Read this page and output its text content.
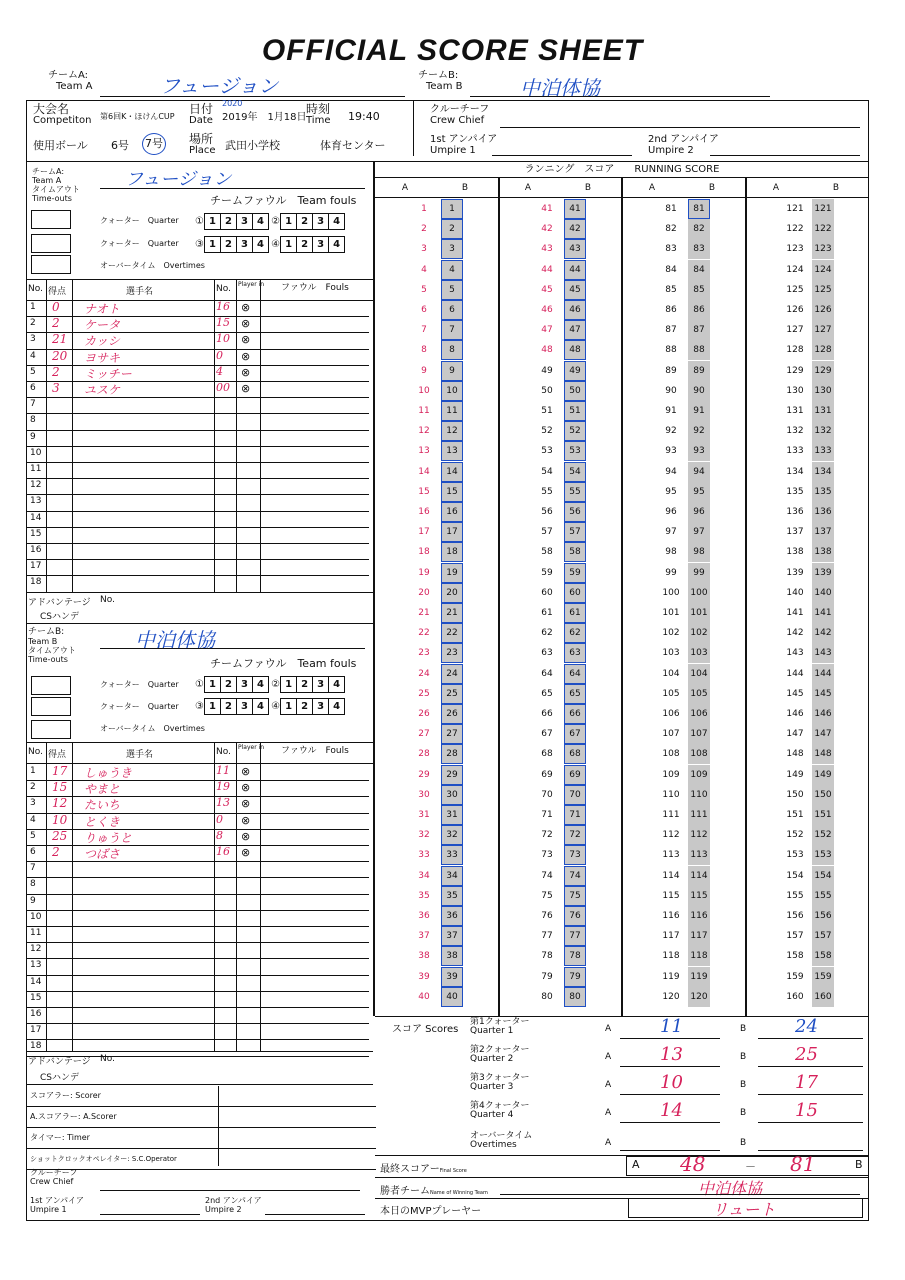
OFFICIAL SCORE SHEET
チームA:
Team A	フュージョン	チームB:
Team B	中泊体協
大会名
Competiton 第6回K・ほけんCUP
日付
Date
2020
2019年　1月18日
時刻
Time 19:40
クルーチーフ
Crew Chief
使用ボール 6号 7号 場所
Place 武田小学校	体育センター	1st アンパイア
Umpire 1
2nd アンパイア
Umpire 2
チームA:
Team A
タイムアウト
Time-outs
フュージョン
チームファウル　Team fouls
クォーター　Quarter ① 1 2 3 4 ② 1 2 3 4
クォーター　Quarter ③ 1 2 3 4 ④ 1 2 3 4
オーバータイム　Overtimes
No. 得点	選手名	No. Player in ファウル　Fouls
1 0 ナオト	16 ⊗
2 2 ケータ	15 ⊗
3 21 カッシ	10 ⊗
4 20 ヨサキ	0 ⊗
5 2 ミッチー	4 ⊗
6 3 ユスケ	00 ⊗
7
8
9
10
11
12
13
14
15
16
17
18
アドバンテージ No.
CSハンデ
チームB:
Team B
タイムアウト
Time-outs
中泊体協
チームファウル　Team fouls
クォーター　Quarter ① 1 2 3 4 ② 1 2 3 4
クォーター　Quarter ③ 1 2 3 4 ④ 1 2 3 4
オーバータイム　Overtimes
No. 得点	選手名	No. Player in ファウル　Fouls
1 17 しゅうき	11 ⊗
2 15 やまと	19 ⊗
3 12 たいち	13 ⊗
4 10 とくき	0 ⊗
5 25 りゅうと	8 ⊗
6 2 つばさ	16 ⊗
7
8
9
10
11
12
13
14
15
16
17
18
アドバンテージ No.
CSハンデ
スコアラー: Scorer
A.スコアラー: A.Scorer
タイマー: Timer
ショットクロックオペレイター: S.C.Operator
クルーチーフ
Crew Chief
1st アンパイア
Umpire 1
2nd アンパイア
Umpire 2
ランニング　スコア　　RUNNING SCORE
A	B
1	1
2	2
3	3
4	4
5	5
6	6
7	7
8	8
9	9
10	10
11	11
12	12
13	13
14	14
15	15
16	16
17	17
18	18
19	19
20	20
21	21
22	22
23	23
24	24
25	25
26	26
27	27
28	28
29	29
30	30
31	31
32	32
33	33
34	34
35	35
36	36
37	37
38	38
39	39
40	40
A	B
41	41
42	42
43	43
44	44
45	45
46	46
47	47
48	48
49	49
50	50
51	51
52	52
53	53
54	54
55	55
56	56
57	57
58	58
59	59
60	60
61	61
62	62
63	63
64	64
65	65
66	66
67	67
68	68
69	69
70	70
71	71
72	72
73	73
74	74
75	75
76	76
77	77
78	78
79	79
80	80
A	B
81	81
82	82
83	83
84	84
85	85
86	86
87	87
88	88
89	89
90	90
91	91
92	92
93	93
94	94
95	95
96	96
97	97
98	98
99	99
100	100
101	101
102	102
103	103
104	104
105	105
106	106
107	107
108	108
109	109
110	110
111	111
112	112
113	113
114	114
115	115
116	116
117	117
118	118
119	119
120	120
A	B
121	121
122	122
123	123
124	124
125	125
126	126
127	127
128	128
129	129
130	130
131	131
132	132
133	133
134	134
135	135
136	136
137	137
138	138
139	139
140	140
141	141
142	142
143	143
144	144
145	145
146	146
147	147
148	148
149	149
150	150
151	151
152	152
153	153
154	154
155	155
156	156
157	157
158	158
159	159
160	160
スコア Scores
第1クォーター
Quarter 1	A	11	B	24
第2クォーター
Quarter 2	A	13	B	25
第3クォーター
Quarter 3	A	10	B	17
第4クォーター
Quarter 4	A	14	B	15
オーバータイム
Overtimes	A	B
最終スコアーFinal Score	A 48	－ 81	B
勝者チームName of Winning Team	中泊体協
本日のMVPプレーヤー	リュート
